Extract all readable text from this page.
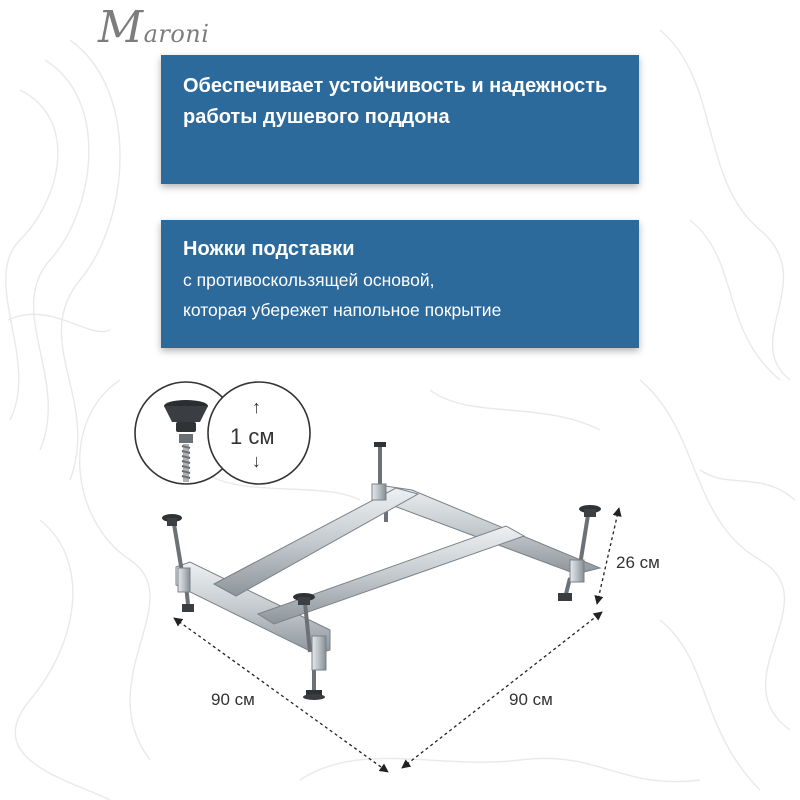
Maroni
Обеспечивает устойчивость и надежность работы душевого поддона
Ножки подставки
с противоскользящей основой,
которая убережет напольное покрытие
↑
1 см
↓
26 см
90 см	90 см
